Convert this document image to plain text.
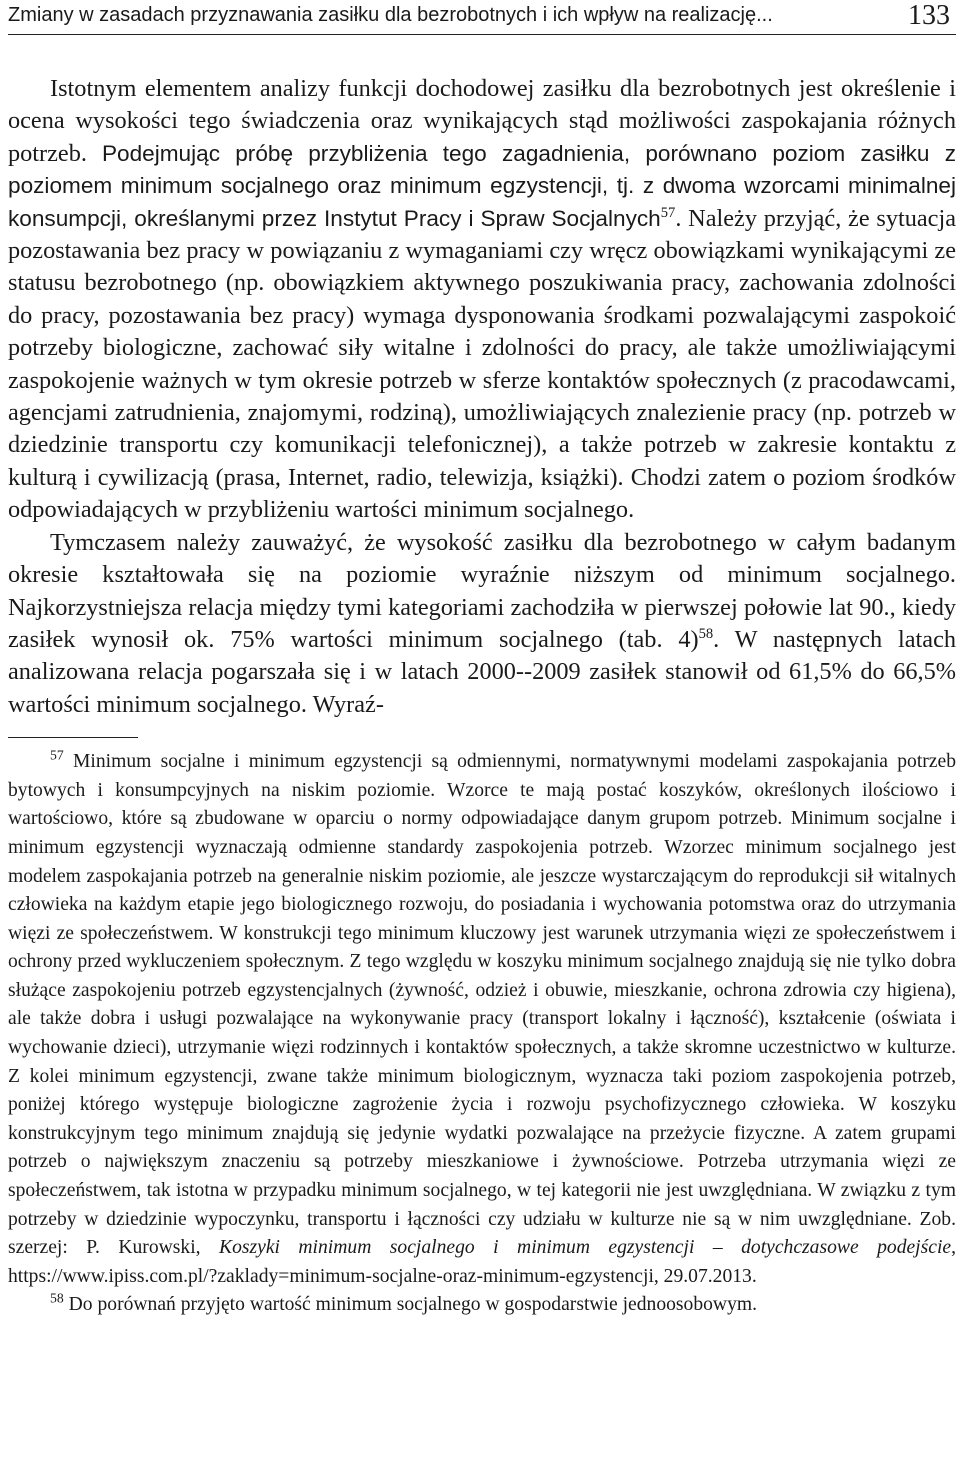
Zmiany w zasadach przyznawania zasiłku dla bezrobotnych i ich wpływ na realizację...	133

Istotnym elementem analizy funkcji dochodowej zasiłku dla bezrobotnych jest określenie i ocena wysokości tego świadczenia oraz wynikających stąd możliwości zaspokajania różnych potrzeb. Podejmując próbę przybliżenia tego zagadnienia, porównano poziom zasiłku z poziomem minimum socjalnego oraz minimum egzystencji, tj. z dwoma wzorcami minimalnej konsumpcji, określanymi przez Instytut Pracy i Spraw Socjalnych$^{57}$. Należy przyjąć, że sytuacja pozostawania bez pracy w powiązaniu z wymaganiami czy wręcz obowiązkami wynikającymi ze statusu bezrobotnego (np. obowiązkiem aktywnego poszukiwania pracy, zachowania zdolności do pracy, pozostawania bez pracy) wymaga dysponowania środkami pozwalającymi zaspokoić potrzeby biologiczne, zachować siły witalne i zdolności do pracy, ale także umożliwiającymi zaspokojenie ważnych w tym okresie potrzeb w sferze kontaktów społecznych (z pracodawcami, agencjami zatrudnienia, znajomymi, rodziną), umożliwiających znalezienie pracy (np. potrzeb w dziedzinie transportu czy komunikacji telefonicznej), a także potrzeb w zakresie kontaktu z kulturą i cywilizacją (prasa, Internet, radio, telewizja, książki). Chodzi zatem o poziom środków odpowiadających w przybliżeniu wartości minimum socjalnego.

Tymczasem należy zauważyć, że wysokość zasiłku dla bezrobotnego w całym badanym okresie kształtowała się na poziomie wyraźnie niższym od minimum socjalnego. Najkorzystniejsza relacja między tymi kategoriami zachodziła w pierwszej połowie lat 90., kiedy zasiłek wynosił ok. 75% wartości minimum socjalnego (tab. 4)$^{58}$. W następnych latach analizowana relacja pogarszała się i w latach 2000--2009 zasiłek stanowił od 61,5% do 66,5% wartości minimum socjalnego. Wyraź-

$^{57}$ Minimum socjalne i minimum egzystencji są odmiennymi, normatywnymi modelami zaspokajania potrzeb bytowych i konsumpcyjnych na niskim poziomie. Wzorce te mają postać koszyków, określonych ilościowo i wartościowo, które są zbudowane w oparciu o normy odpowiadające danym grupom potrzeb. Minimum socjalne i minimum egzystencji wyznaczają odmienne standardy zaspokojenia potrzeb. Wzorzec minimum socjalnego jest modelem zaspokajania potrzeb na generalnie niskim poziomie, ale jeszcze wystarczającym do reprodukcji sił witalnych człowieka na każdym etapie jego biologicznego rozwoju, do posiadania i wychowania potomstwa oraz do utrzymania więzi ze społeczeństwem. W konstrukcji tego minimum kluczowy jest warunek utrzymania więzi ze społeczeństwem i ochrony przed wykluczeniem społecznym. Z tego względu w koszyku minimum socjalnego znajdują się nie tylko dobra służące zaspokojeniu potrzeb egzystencjalnych (żywność, odzież i obuwie, mieszkanie, ochrona zdrowia czy higiena), ale także dobra i usługi pozwalające na wykonywanie pracy (transport lokalny i łączność), kształcenie (oświata i wychowanie dzieci), utrzymanie więzi rodzinnych i kontaktów społecznych, a także skromne uczestnictwo w kulturze. Z kolei minimum egzystencji, zwane także minimum biologicznym, wyznacza taki poziom zaspokojenia potrzeb, poniżej którego występuje biologiczne zagrożenie życia i rozwoju psychofizycznego człowieka. W koszyku konstrukcyjnym tego minimum znajdują się jedynie wydatki pozwalające na przeżycie fizyczne. A zatem grupami potrzeb o największym znaczeniu są potrzeby mieszkaniowe i żywnościowe. Potrzeba utrzymania więzi ze społeczeństwem, tak istotna w przypadku minimum socjalnego, w tej kategorii nie jest uwzględniana. W związku z tym potrzeby w dziedzinie wypoczynku, transportu i łączności czy udziału w kulturze nie są w nim uwzględniane. Zob. szerzej: P. Kurowski, Koszyki minimum socjalnego i minimum egzystencji – dotychczasowe podejście, https://www.ipiss.com.pl/?zaklady=minimum-socjalne-oraz-minimum-egzystencji, 29.07.2013.

$^{58}$ Do porównań przyjęto wartość minimum socjalnego w gospodarstwie jednoosobowym.
